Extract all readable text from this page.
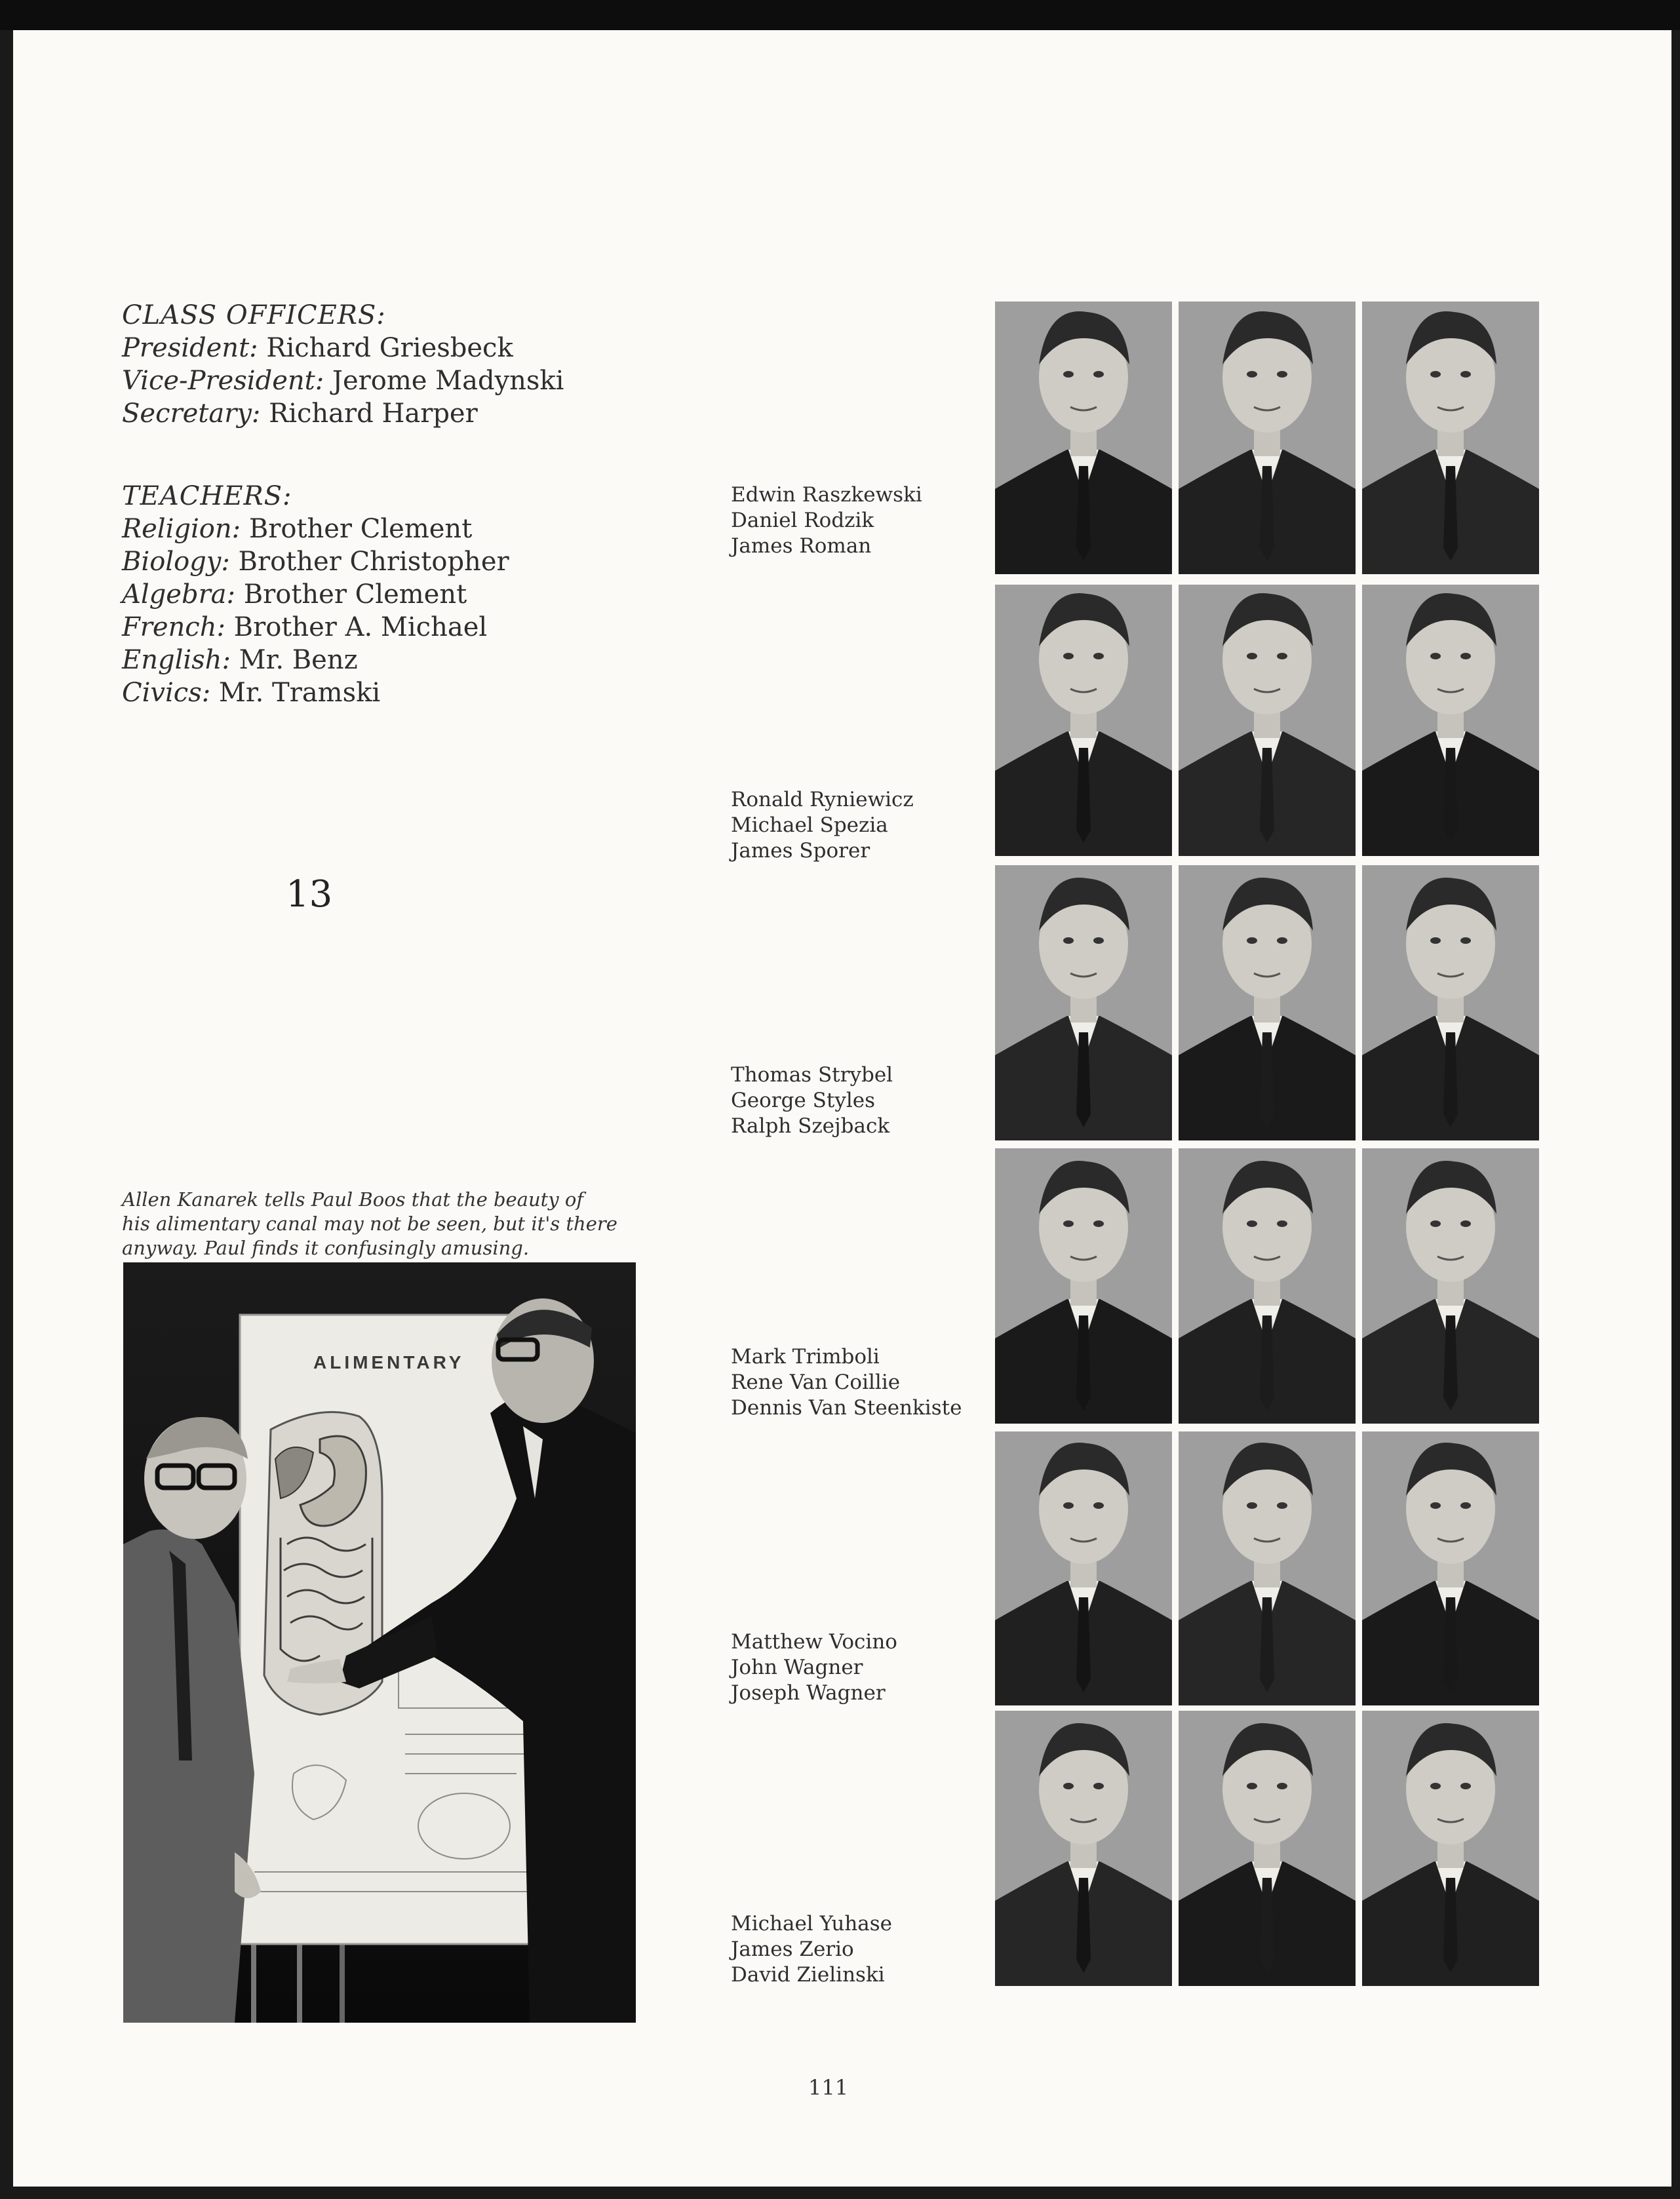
CLASS OFFICERS:
President: Richard Griesbeck
Vice-President: Jerome Madynski
Secretary: Richard Harper
TEACHERS:
Religion: Brother Clement
Biology: Brother Christopher
Algebra: Brother Clement
French: Brother A. Michael
English: Mr. Benz
Civics: Mr. Tramski
13
Allen Kanarek tells Paul Boos that the beauty of
his alimentary canal may not be seen, but it's there
anyway. Paul finds it confusingly amusing.
ALIMENTARY
Edwin Raszkewski
Daniel Rodzik
James Roman
Ronald Ryniewicz
Michael Spezia
James Sporer
Thomas Strybel
George Styles
Ralph Szejback
Mark Trimboli
Rene Van Coillie
Dennis Van Steenkiste
Matthew Vocino
John Wagner
Joseph Wagner
Michael Yuhase
James Zerio
David Zielinski
111
